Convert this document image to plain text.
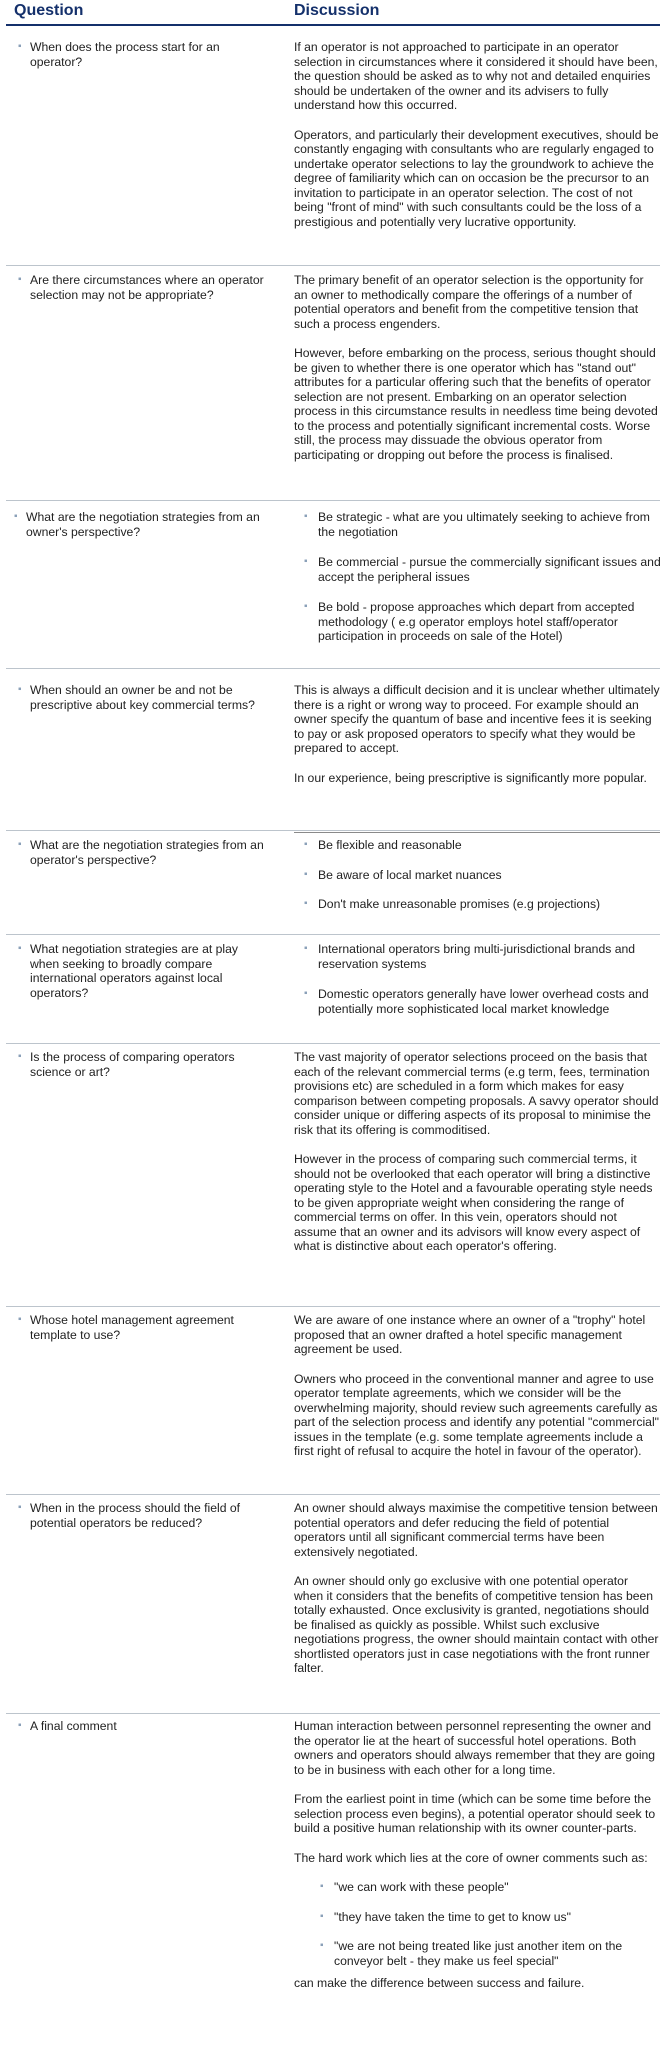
Question	Discussion
▪ When does the process start for an operator?

If an operator is not approached to participate in an operator selection in circumstances where it considered it should have been, the question should be asked as to why not and detailed enquiries should be undertaken of the owner and its advisers to fully understand how this occurred.

Operators, and particularly their development executives, should be constantly engaging with consultants who are regularly engaged to undertake operator selections to lay the groundwork to achieve the degree of familiarity which can on occasion be the precursor to an invitation to participate in an operator selection. The cost of not being "front of mind" with such consultants could be the loss of a prestigious and potentially very lucrative opportunity.

▪ Are there circumstances where an operator selection may not be appropriate?

The primary benefit of an operator selection is the opportunity for an owner to methodically compare the offerings of a number of potential operators and benefit from the competitive tension that such a process engenders.

However, before embarking on the process, serious thought should be given to whether there is one operator which has "stand out" attributes for a particular offering such that the benefits of operator selection are not present. Embarking on an operator selection process in this circumstance results in needless time being devoted to the process and potentially significant incremental costs. Worse still, the process may dissuade the obvious operator from participating or dropping out before the process is finalised.

▪ What are the negotiation strategies from an owner's perspective?
▪ Be strategic - what are you ultimately seeking to achieve from the negotiation
▪ Be commercial - pursue the commercially significant issues and accept the peripheral issues
▪ Be bold - propose approaches which depart from accepted methodology ( e.g operator employs hotel staff/operator participation in proceeds on sale of the Hotel)
▪ When should an owner be and not be prescriptive about key commercial terms?

This is always a difficult decision and it is unclear whether ultimately there is a right or wrong way to proceed. For example should an owner specify the quantum of base and incentive fees it is seeking to pay or ask proposed operators to specify what they would be prepared to accept.

In our experience, being prescriptive is significantly more popular.

▪ What are the negotiation strategies from an operator's perspective?
▪ Be flexible and reasonable
▪ Be aware of local market nuances
▪ Don't make unreasonable promises (e.g projections)
▪ What negotiation strategies are at play when seeking to broadly compare international operators against local operators?
▪ International operators bring multi-jurisdictional brands and reservation systems
▪ Domestic operators generally have lower overhead costs and potentially more sophisticated local market knowledge
▪ Is the process of comparing operators science or art?

The vast majority of operator selections proceed on the basis that each of the relevant commercial terms (e.g term, fees, termination provisions etc) are scheduled in a form which makes for easy comparison between competing proposals. A savvy operator should consider unique or differing aspects of its proposal to minimise the risk that its offering is commoditised.

However in the process of comparing such commercial terms, it should not be overlooked that each operator will bring a distinctive operating style to the Hotel and a favourable operating style needs to be given appropriate weight when considering the range of commercial terms on offer. In this vein, operators should not assume that an owner and its advisors will know every aspect of what is distinctive about each operator's offering.

▪ Whose hotel management agreement template to use?

We are aware of one instance where an owner of a "trophy" hotel proposed that an owner drafted a hotel specific management agreement be used.

Owners who proceed in the conventional manner and agree to use operator template agreements, which we consider will be the overwhelming majority, should review such agreements carefully as part of the selection process and identify any potential "commercial" issues in the template (e.g. some template agreements include a first right of refusal to acquire the hotel in favour of the operator).

▪ When in the process should the field of potential operators be reduced?

An owner should always maximise the competitive tension between potential operators and defer reducing the field of potential operators until all significant commercial terms have been extensively negotiated.

An owner should only go exclusive with one potential operator when it considers that the benefits of competitive tension has been totally exhausted. Once exclusivity is granted, negotiations should be finalised as quickly as possible. Whilst such exclusive negotiations progress, the owner should maintain contact with other shortlisted operators just in case negotiations with the front runner falter.

▪ A final comment	Human interaction between personnel representing the owner and the operator lie at the heart of successful hotel operations. Both owners and operators should always remember that they are going to be in business with each other for a long time.

From the earliest point in time (which can be some time before the selection process even begins), a potential operator should seek to build a positive human relationship with its owner counter-parts.

The hard work which lies at the core of owner comments such as:

▪ "we can work with these people"
▪ "they have taken the time to get to know us"
▪ "we are not being treated like just another item on the conveyor belt - they make us feel special"

can make the difference between success and failure.
